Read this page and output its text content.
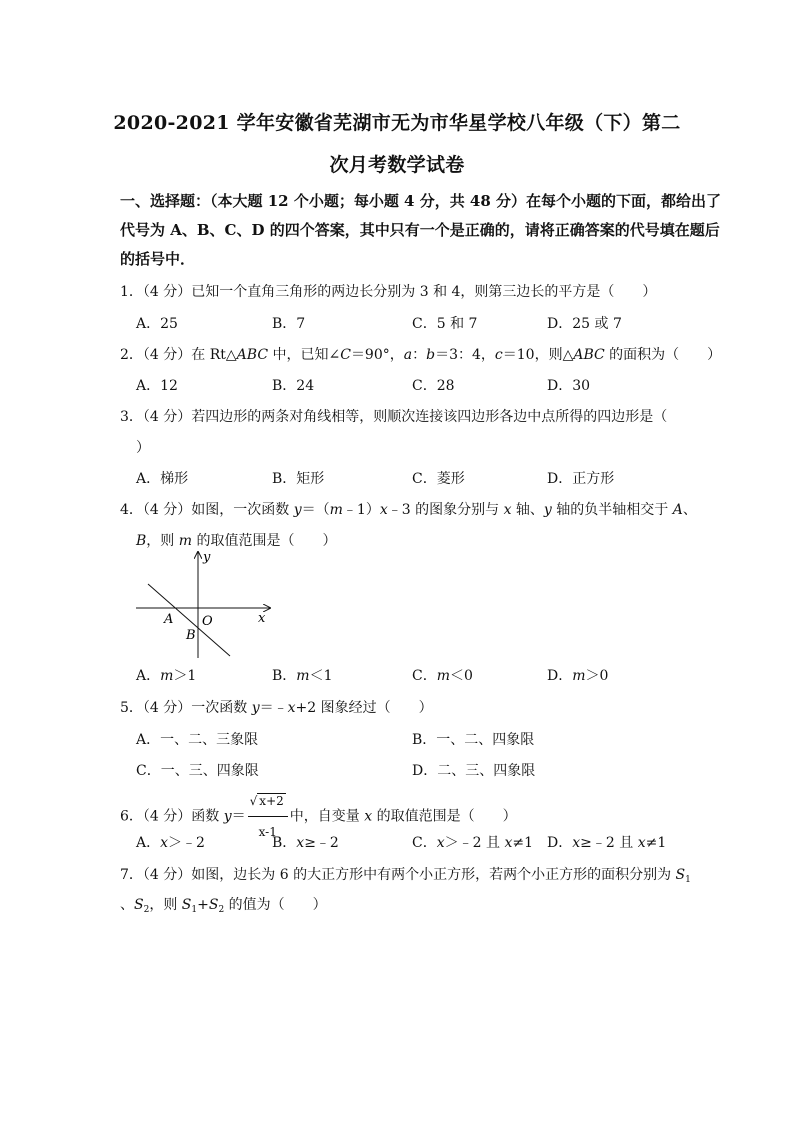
2020-2021 学年安徽省芜湖市无为市华星学校八年级（下）第二
次月考数学试卷
一、选择题：（本大题 12 个小题；每小题 4 分，共 48 分）在每个小题的下面，都给出了
代号为 A、B、C、D 的四个答案，其中只有一个是正确的，请将正确答案的代号填在题后
的括号中．
1．（4 分）已知一个直角三角形的两边长分别为 3 和 4，则第三边长的平方是（　　）
A．25	B．7	C．5 和 7	D．25 或 7
2．（4 分）在 Rt△ABC 中，已知∠C＝90°，a：b＝3：4，c＝10，则△ABC 的面积为（　　）
A．12	B．24	C．28	D．30
3．（4 分）若四边形的两条对角线相等，则顺次连接该四边形各边中点所得的四边形是（
）
A．梯形	B．矩形	C．菱形	D．正方形
4．（4 分）如图，一次函数 y＝（m﹣1）x﹣3 的图象分别与 x 轴、y 轴的负半轴相交于 A、
B，则 m 的取值范围是（　　）
y
x
O
A
B
A．m＞1	B．m＜1	C．m＜0	D．m＞0
5．（4 分）一次函数 y＝﹣x+2 图象经过（　　）
A．一、二、三象限	B．一、二、四象限
C．一、三、四象限	D．二、三、四象限
6．（4 分）函数 $y= \frac{√ x+2}{x-1}$ 中，自变量 x 的取值范围是（　　）
A．x＞﹣2	B．x≥﹣2	C．x＞﹣2 且 x≠1 D．x≥﹣2 且 x≠1
7．（4 分）如图，边长为 6 的大正方形中有两个小正方形，若两个小正方形的面积分别为 $S_1$
、$S_2$，则 $S_1+S_2$ 的值为（　　）
